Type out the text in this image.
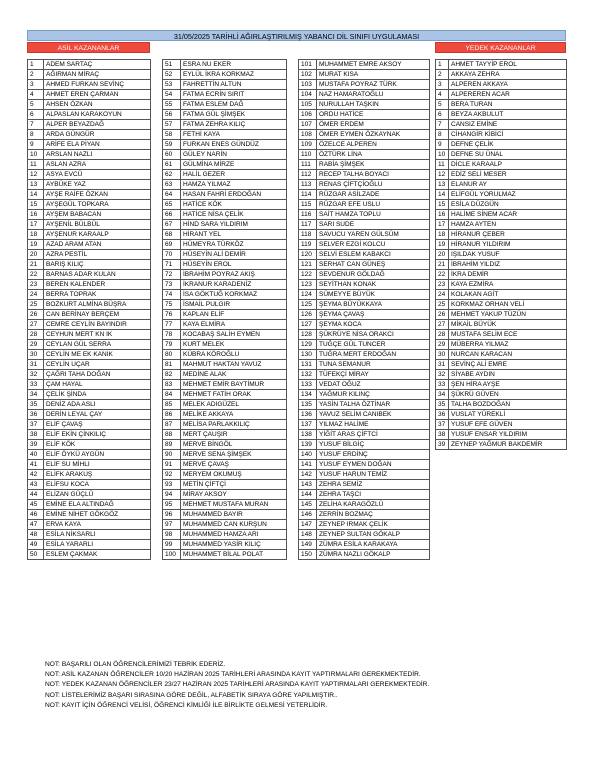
31/05/2025 TARİHLİ AĞIRLAŞTIRILMIŞ YABANCI DİL SINIFI UYGULAMASI
ASİL KAZANANLAR	YEDEK KAZANANLAR
1	ADEM SARTAÇ
2	AĞIRMAN MİRAÇ
3	AHMED FURKAN SEVİNÇ
4	AHMET EREN ÇARMAN
5	AHSEN ÖZKAN
6	ALPASLAN KARAKOYUN
7	ALPER BEYAZDAĞ
8	ARDA GÜNGÜR
9	ARİFE ELA PİYAN
10	ARSLAN NAZLI
11	ASLAN AZRA
12	ASYA EVCÜ
13	AYBÜKE YAZ
14	AYŞE RAİFE ÖZKAN
15	AYŞEGÜL TOPKARA
16	AYŞEM BABACAN
17	AYŞENİL BÜLBÜL
18	AYŞENUR KARAALP
19	AZAD ARAM ATAN
20	AZRA PESTİL
21	BARIŞ KILIÇ
22	BARNAS ADAR KULAN
23	BEREN KALENDER
24	BERRA TOPRAK
25	BOZKURT ALMİNA BÜŞRA
26	CAN BERİNAY BERÇEM
27	CEMRE CEYLİN BAYINDIR
28	CEYHUN MERT KN IK
29	CEYLAN GÜL SERRA
30	CEYLİN ME EK KANIK
31	CEYLİN UÇAR
32	ÇAĞRI TAHA DOĞAN
33	ÇAM HAYAL
34	ÇELİK ŞİNDA
35	DENİZ ADA ASLI
36	DERİN LEYAL ÇAY
37	ELİF ÇAVAŞ
38	ELİF EKİN ÇİNKILIÇ
39	ELİF KÖK
40	ELİF ÖYKÜ AYGÜN
41	ELİF SU MİHLI
42	ELİFK ARAKUŞ
43	ELİFSU KOCA
44	ELİZAN GÜÇLÜ
45	EMİNE ELA ALTINDAĞ
46	EMİNE NİHET GÖKGÖZ
47	ERVA KAYA
48	ESİLA NİKSARLI
49	ESİLA YARARLI
50	ESLEM ÇAKMAK
51	ESRA NU EKER
52	EYLÜL İKRA KORKMAZ
53	FAHRETTİN ALTUN
54	FATMA ECRİN SIRIT
55	FATMA ESLEM DAĞ
56	FATMA GÜL ŞİMŞEK
57	FATMA ZEHRA KILIÇ
58	FETHİ KAYA
59	FURKAN ENES GÜNDÜZ
60	GÜLEY NARİN
61	GÜLMİNA MİRZE
62	HALİL GEZER
63	HAMZA YILMAZ
64	HASAN FAHRİ ERDOĞAN
65	HATİCE KÖK
66	HATİCE NİSA ÇELİK
67	HİND SARA YILDIRIM
68	HİRANT YEL
69	HÜMEYRA TÜRKÖZ
70	HÜSEYİN ALİ DEMİR
71	HÜSEYİN EROL
72	İBRAHİM POYRAZ AKIŞ
73	İKRANUR KARADENİZ
74	İSA GÖKTUĞ KORKMAZ
75	İSMAİL PULGIR
76	KAPLAN ELİF
77	KAYA ELMİRA
78	KOCABAŞ SALİH EYMEN
79	KURT MELEK
80	KÜBRA KÖROĞLU
81	MAHMUT HAKTAN YAVUZ
82	MEDİNE ALAK
83	MEHMET EMİR BAYTİMUR
84	MEHMET FATİH ORAK
85	MELEK ADIGÜZEL
86	MELİKE AKKAYA
87	MELİSA PARLAKKILIÇ
88	MERT ÇAUŞIR
89	MERVE BİNGÖL
90	MERVE SENA ŞİMŞEK
91	MERVE ÇAVAŞ
92	MERYEM OKUMUŞ
93	METİN ÇİFTÇİ
94	MİRAY AKSOY
95	MEHMET MUSTAFA MURAN
96	MUHAMMED BAYIR
97	MUHAMMED CAN KURŞUN
98	MUHAMMED HAMZA ARI
99	MUHAMMED YASİR KILIÇ
100	MUHAMMET BİLAL POLAT
101	MUHAMMET EMRE AKSOY
102	MURAT KISA
103	MUSTAFA POYRAZ TÜRK
104	NAZ HAMARATOĞLU
105	NURULLAH TAŞKIN
106	ORDU HATİCE
107	ÖMER ERDEM
108	ÖMER EYMEN ÖZKAYNAK
109	ÖZELCE ALPEREN
110	ÖZTÜRK LİNA
111	RABİA ŞİMŞEK
112	RECEP TALHA BOYACI
113	RENAS ÇİFTÇİOĞLU
114	RÜZGAR ASİLZADE
115	RÜZGAR EFE USLU
116	SAİT HAMZA TOPLU
117	SARI SUDE
118	SAVUCU YAREN GÜLSÜM
119	SELVER EZGİ KOLCU
120	SELVİ ESLEM KABAKCI
121	SERHAT CAN GÜNEŞ
122	SEVDENUR GÖLDAĞ
123	SEYİTHAN KONAK
124	SÜMEYYE BÜYÜK
125	ŞEYMA BÜYÜKKAYA
126	ŞEYMA ÇAVAŞ
127	ŞEYMA KOCA
128	ŞÜKRÜYE NİSA ORAKCI
129	TUĞÇE GÜL TUNCER
130	TUĞRA MERT ERDOĞAN
131	TUNA SEMANUR
132	TÜFEKÇİ MİRAY
133	VEDAT OĞUZ
134	YAĞMUR KILINÇ
135	YASİN TALHA ÖZTİNAR
136	YAVUZ SELİM CANIBEK
137	YILMAZ HALİME
138	YİĞİT ARAS ÇİFTCİ
139	YUSUF BİLGİÇ
140	YUSUF ERDİNÇ
141	YUSUF EYMEN DOĞAN
142	YUSUF HARUN TEMİZ
143	ZEHRA SEMİZ
144	ZEHRA TAŞCI
145	ZELİHA KARAGÖZLÜ
146	ZERRİN BOZMAÇ
147	ZEYNEP IRMAK ÇELİK
148	ZEYNEP SULTAN GÖKALP
149	ZÜMRA ESİLA KARAKAYA
150	ZÜMRA NAZLI GÖKALP
1	AHMET TAYYİP EROL
2	AKKAYA ZEHRA
3	ALPEREN AKKAYA
4	ALPEREREN ACAR
5	BERA TURAN
6	BEYZA AKBULUT
7	CANSIZ EMİNE
8	CİHANGİR KİBİCİ
9	DEFNE ÇELİK
10	DEFNE SU ÜNAL
11	DİCLE KARAALP
12	EDİZ SELİ MESER
13	ELANUR AY
14	ELİFGÜL YORULMAZ
15	ESİLA DÜZGÜN
16	HALİME SİNEM ACAR
17	HAMZA AYTEN
18	HİRANUR ÇEBER
19	HİRANUR YILDIRIM
20	IŞILDAK YUSUF
21	İBRAHİM YILDIZ
22	İKRA DEMİR
23	KAYA EZMİRA
24	KOLAKAN AGİT
25	KORKMAZ ORHAN VELİ
26	MEHMET YAKUP TÜZÜN
27	MİKAİL BÜYÜK
28	MUSTAFA SELİM ECE
29	MÜBERRA YILMAZ
30	NURCAN KARACAN
31	SEVİNÇ ALİ EMRE
32	SİYABE AYDIN
33	ŞEN HİRA AYŞE
34	ŞÜKRÜ GÜVEN
35	TALHA BOZDOĞAN
36	VUSLAT YÜREKLİ
37	YUSUF EFE GÜVEN
38	YUSUF ENSAR YILDIRIM
39	ZEYNEP YAĞMUR BAKDEMİR
NOT: BAŞARILI OLAN ÖĞRENCİLERİMİZİ TEBRİK EDERİZ.
NOT: ASİL KAZANAN ÖĞRENCİLER 10/20 HAZİRAN 2025 TARİHLERİ ARASINDA KAYIT YAPTIRMALARI GEREKMEKTEDİR.
NOT: YEDEK KAZANAN ÖĞRENCİLER 23/27 HAZİRAN 2025 TARİHLERİ ARASINDA KAYIT YAPTIRMALARI GEREKMEKTEDİR.
NOT: LİSTELERİMİZ BAŞARI SIRASINA GÖRE DEĞİL, ALFABETİK SIRAYA GÖRE YAPILMIŞTIR..
NOT: KAYIT İÇİN ÖĞRENCİ VELİSİ, ÖĞRENCİ KİMLİĞİ İLE BİRLİKTE GELMESİ YETERLİDİR.
